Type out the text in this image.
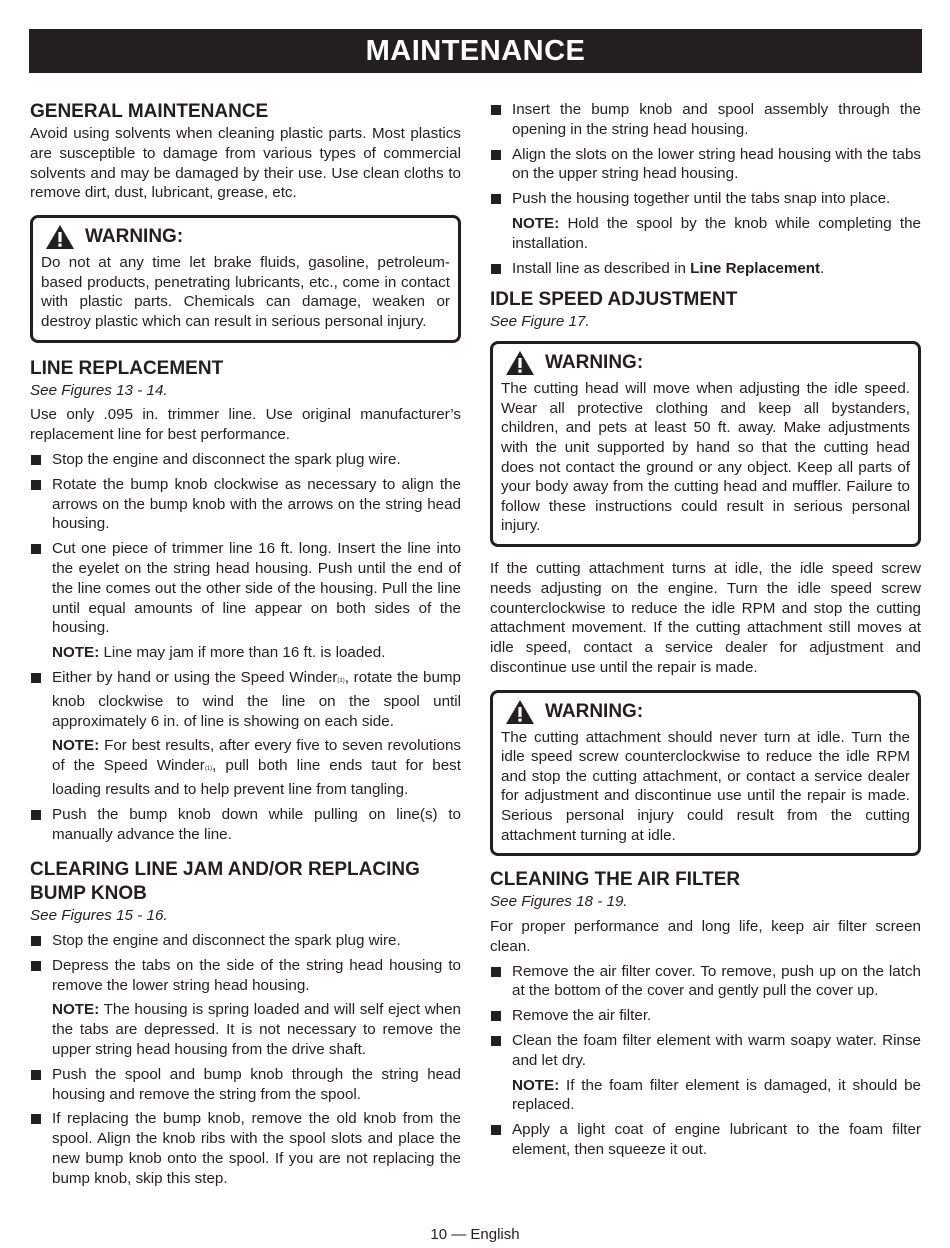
MAINTENANCE
GENERAL MAINTENANCE

Avoid using solvents when cleaning plastic parts. Most plastics are susceptible to damage from various types of commercial solvents and may be damaged by their use. Use clean cloths to remove dirt, dust, lubricant, grease, etc.

WARNING:

Do not at any time let brake fluids, gasoline, petroleum-based products, penetrating lubricants, etc., come in contact with plastic parts. Chemicals can damage, weaken or destroy plastic which can result in serious personal injury.

LINE REPLACEMENT

See Figures 13 - 14.

Use only .095 in. trimmer line. Use original manufacturer’s replacement line for best performance.

Stop the engine and disconnect the spark plug wire.
Rotate the bump knob clockwise as necessary to align the arrows on the bump knob with the arrows on the string head housing.
Cut one piece of trimmer line 16 ft. long. Insert the line into the eyelet on the string head housing. Push until the end of the line comes out the other side of the housing. Pull the line until equal amounts of line appear on both sides of the housing.
NOTE: Line may jam if more than 16 ft. is loaded.
Either by hand or using the Speed Winder(1), rotate the bump knob clockwise to wind the line on the spool until approximately 6 in. of line is showing on each side.
NOTE: For best results, after every five to seven revolutions of the Speed Winder(1), pull both line ends taut for best loading results and to help prevent line from tangling.
Push the bump knob down while pulling on line(s) to manually advance the line.
CLEARING LINE JAM AND/OR REPLACING BUMP KNOB

See Figures 15 - 16.

Stop the engine and disconnect the spark plug wire.
Depress the tabs on the side of the string head housing to remove the lower string head housing.
NOTE: The housing is spring loaded and will self eject when the tabs are depressed. It is not necessary to remove the upper string head housing from the drive shaft.
Push the spool and bump knob through the string head housing and remove the string from the spool.
If replacing the bump knob, remove the old knob from the spool. Align the knob ribs with the spool slots and place the new bump knob onto the spool. If you are not replacing the bump knob, skip this step.
Insert the bump knob and spool assembly through the opening in the string head housing.
Align the slots on the lower string head housing with the tabs on the upper string head housing.
Push the housing together until the tabs snap into place.
NOTE: Hold the spool by the knob while completing the installation.
Install line as described in Line Replacement.
IDLE SPEED ADJUSTMENT

See Figure 17.

WARNING:

The cutting head will move when adjusting the idle speed. Wear all protective clothing and keep all bystanders, children, and pets at least 50 ft. away. Make adjustments with the unit supported by hand so that the cutting head does not contact the ground or any object. Keep all parts of your body away from the cutting head and muffler. Failure to follow these instructions could result in serious personal injury.

If the cutting attachment turns at idle, the idle speed screw needs adjusting on the engine. Turn the idle speed screw counterclockwise to reduce the idle RPM and stop the cutting attachment movement. If the cutting attachment still moves at idle speed, contact a service dealer for adjustment and discontinue use until the repair is made.

WARNING:

The cutting attachment should never turn at idle. Turn the idle speed screw counterclockwise to reduce the idle RPM and stop the cutting attachment, or contact a service dealer for adjustment and discontinue use until the repair is made. Serious personal injury could result from the cutting attachment turning at idle.

CLEANING THE AIR FILTER

See Figures 18 - 19.

For proper performance and long life, keep air filter screen clean.

Remove the air filter cover. To remove, push up on the latch at the bottom of the cover and gently pull the cover up.
Remove the air filter.
Clean the foam filter element with warm soapy water. Rinse and let dry.
NOTE: If the foam filter element is damaged, it should be replaced.
Apply a light coat of engine lubricant to the foam filter element, then squeeze it out.
10 — English
